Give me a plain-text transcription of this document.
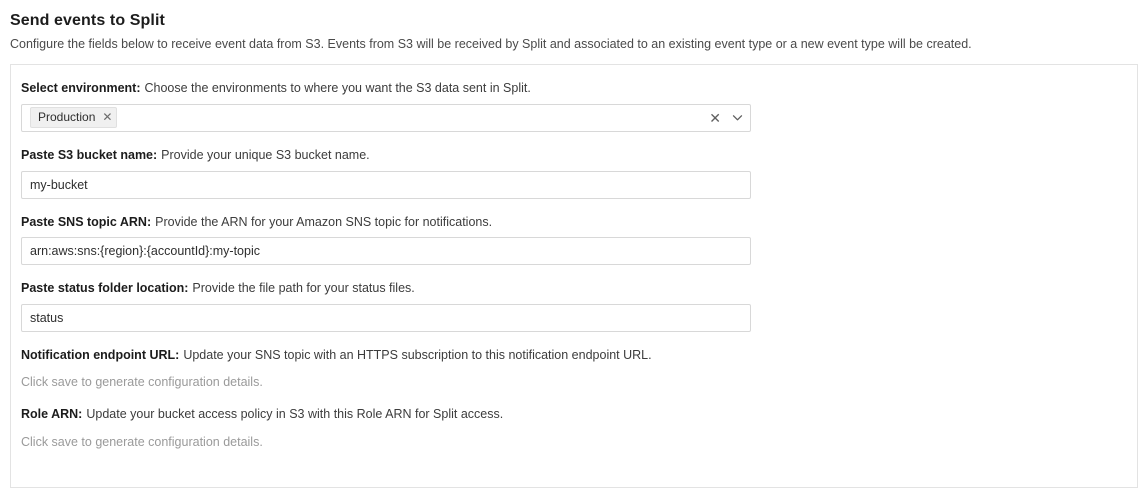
Send events to Split
Configure the fields below to receive event data from S3. Events from S3 will be received by Split and associated to an existing event type or a new event type will be created.
Select environment: Choose the environments to where you want the S3 data sent in Split.
Production ✕	✕
Paste S3 bucket name: Provide your unique S3 bucket name.
my-bucket
Paste SNS topic ARN: Provide the ARN for your Amazon SNS topic for notifications.
arn:aws:sns:{region}:{accountId}:my-topic
Paste status folder location: Provide the file path for your status files.
status
Notification endpoint URL: Update your SNS topic with an HTTPS subscription to this notification endpoint URL.
Click save to generate configuration details.
Role ARN: Update your bucket access policy in S3 with this Role ARN for Split access.
Click save to generate configuration details.
